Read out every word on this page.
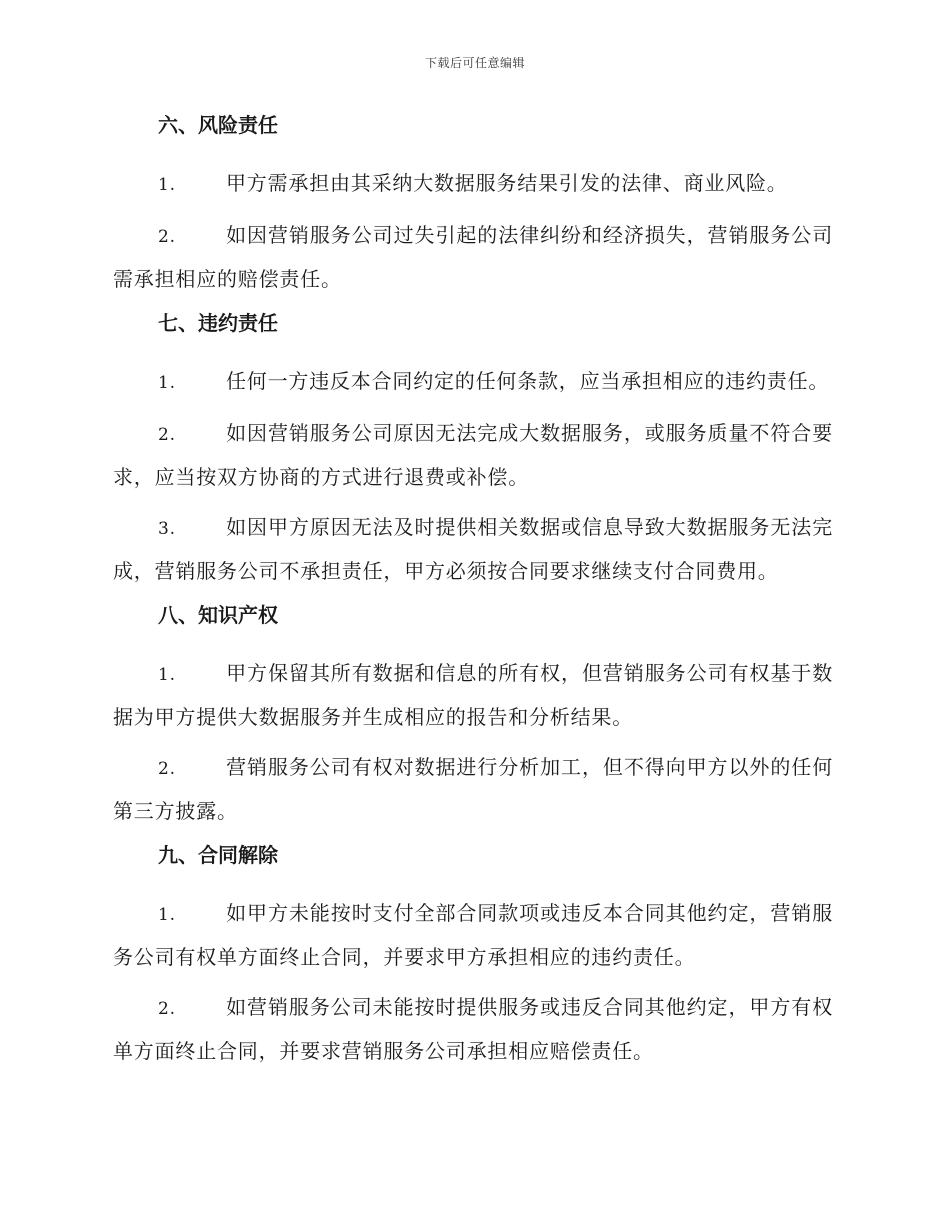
下载后可任意编辑
六、风险责任

1.	甲方需承担由其采纳大数据服务结果引发的法律、商业风险。

2.	如因营销服务公司过失引起的法律纠纷和经济损失，营销服务公司需承担相应的赔偿责任。

七、违约责任

1.	任何一方违反本合同约定的任何条款，应当承担相应的违约责任。

2.	如因营销服务公司原因无法完成大数据服务，或服务质量不符合要求，应当按双方协商的方式进行退费或补偿。

3.	如因甲方原因无法及时提供相关数据或信息导致大数据服务无法完成，营销服务公司不承担责任，甲方必须按合同要求继续支付合同费用。

八、知识产权

1.	甲方保留其所有数据和信息的所有权，但营销服务公司有权基于数据为甲方提供大数据服务并生成相应的报告和分析结果。

2.	营销服务公司有权对数据进行分析加工，但不得向甲方以外的任何第三方披露。

九、合同解除

1.	如甲方未能按时支付全部合同款项或违反本合同其他约定，营销服务公司有权单方面终止合同，并要求甲方承担相应的违约责任。

2.	如营销服务公司未能按时提供服务或违反合同其他约定，甲方有权单方面终止合同，并要求营销服务公司承担相应赔偿责任。
